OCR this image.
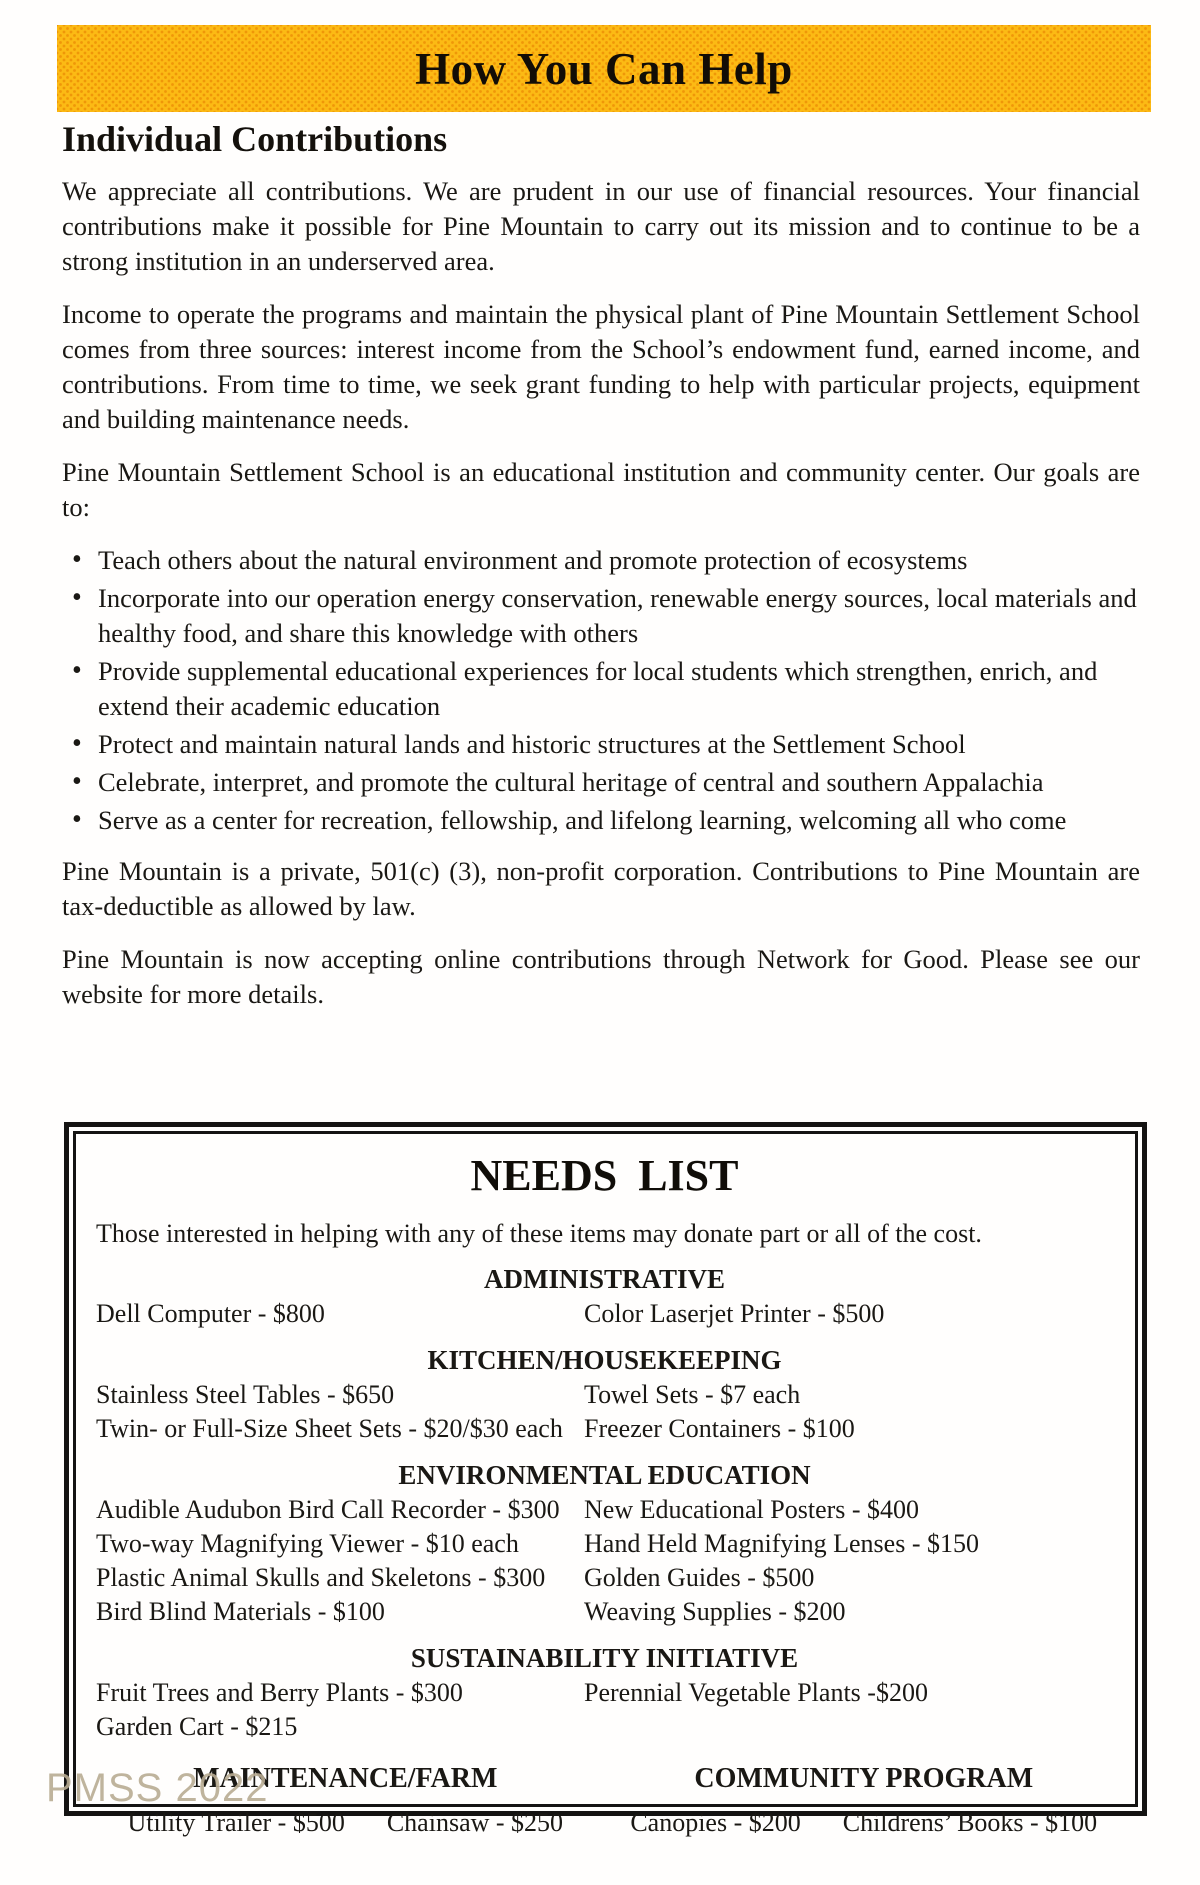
How You Can Help
Individual Contributions

We appreciate all contributions. We are prudent in our use of financial resources. Your financial contributions make it possible for Pine Mountain to carry out its mission and to continue to be a strong institution in an underserved area.

Income to operate the programs and maintain the physical plant of Pine Mountain Settlement School comes from three sources: interest income from the School’s endowment fund, earned income, and contributions. From time to time, we seek grant funding to help with particular projects, equipment and building maintenance needs.

Pine Mountain Settlement School is an educational institution and community center. Our goals are to:

• Teach others about the natural environment and promote protection of ecosystems
• Incorporate into our operation energy conservation, renewable energy sources, local materials and healthy food, and share this knowledge with others
• Provide supplemental educational experiences for local students which strengthen, enrich, and extend their academic education
• Protect and maintain natural lands and historic structures at the Settlement School
• Celebrate, interpret, and promote the cultural heritage of central and southern Appalachia
• Serve as a center for recreation, fellowship, and lifelong learning, welcoming all who come

Pine Mountain is a private, 501(c) (3), non-profit corporation. Contributions to Pine Mountain are tax-deductible as allowed by law.

Pine Mountain is now accepting online contributions through Network for Good. Please see our website for more details.

NEEDS LIST
Those interested in helping with any of these items may donate part or all of the cost.
ADMINISTRATIVE
Dell Computer - $800	Color Laserjet Printer - $500
KITCHEN/HOUSEKEEPING
Stainless Steel Tables - $650
Twin- or Full-Size Sheet Sets - $20/$30 each
Towel Sets - $7 each
Freezer Containers - $100
ENVIRONMENTAL EDUCATION
Audible Audubon Bird Call Recorder - $300
Two-way Magnifying Viewer - $10 each
Plastic Animal Skulls and Skeletons - $300
Bird Blind Materials - $100
New Educational Posters - $400
Hand Held Magnifying Lenses - $150
Golden Guides - $500
Weaving Supplies - $200
SUSTAINABILITY INITIATIVE
Fruit Trees and Berry Plants - $300
Garden Cart - $215
Perennial Vegetable Plants -$200
MAINTENANCE/FARM
Utility Trailer - $500 Chainsaw - $250
COMMUNITY PROGRAM
Canopies - $200 Childrens’ Books - $100
PMSS 2022
